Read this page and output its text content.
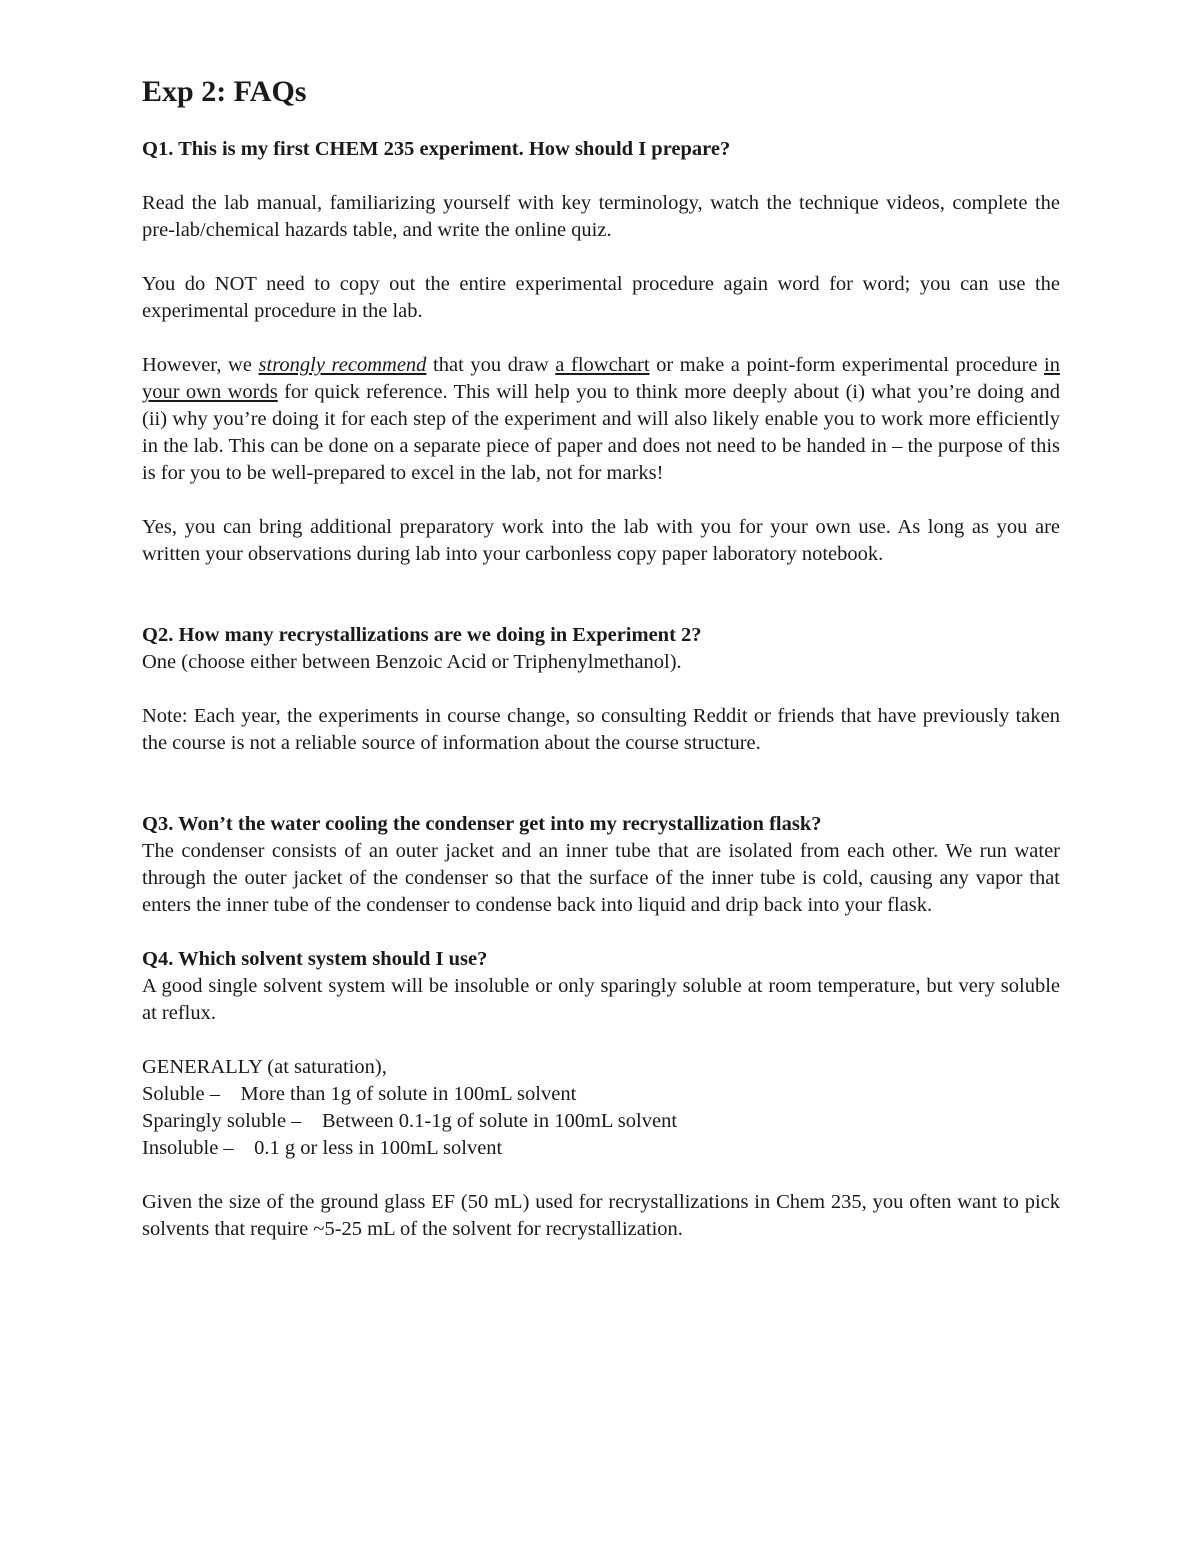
Exp 2: FAQs

Q1. This is my first CHEM 235 experiment. How should I prepare?

Read the lab manual, familiarizing yourself with key terminology, watch the technique videos, complete the pre-lab/chemical hazards table, and write the online quiz.

You do NOT need to copy out the entire experimental procedure again word for word; you can use the experimental procedure in the lab.

However, we strongly recommend that you draw a flowchart or make a point-form experimental procedure in your own words for quick reference. This will help you to think more deeply about (i) what you’re doing and (ii) why you’re doing it for each step of the experiment and will also likely enable you to work more efficiently in the lab. This can be done on a separate piece of paper and does not need to be handed in – the purpose of this is for you to be well-prepared to excel in the lab, not for marks!

Yes, you can bring additional preparatory work into the lab with you for your own use. As long as you are written your observations during lab into your carbonless copy paper laboratory notebook.

Q2. How many recrystallizations are we doing in Experiment 2?

One (choose either between Benzoic Acid or Triphenylmethanol).

Note: Each year, the experiments in course change, so consulting Reddit or friends that have previously taken the course is not a reliable source of information about the course structure.

Q3. Won’t the water cooling the condenser get into my recrystallization flask?

The condenser consists of an outer jacket and an inner tube that are isolated from each other. We run water through the outer jacket of the condenser so that the surface of the inner tube is cold, causing any vapor that enters the inner tube of the condenser to condense back into liquid and drip back into your flask.

Q4. Which solvent system should I use?

A good single solvent system will be insoluble or only sparingly soluble at room temperature, but very soluble at reflux.

GENERALLY (at saturation),

Soluble – More than 1g of solute in 100mL solvent

Sparingly soluble – Between 0.1-1g of solute in 100mL solvent

Insoluble – 0.1 g or less in 100mL solvent

Given the size of the ground glass EF (50 mL) used for recrystallizations in Chem 235, you often want to pick solvents that require ~5-25 mL of the solvent for recrystallization.
